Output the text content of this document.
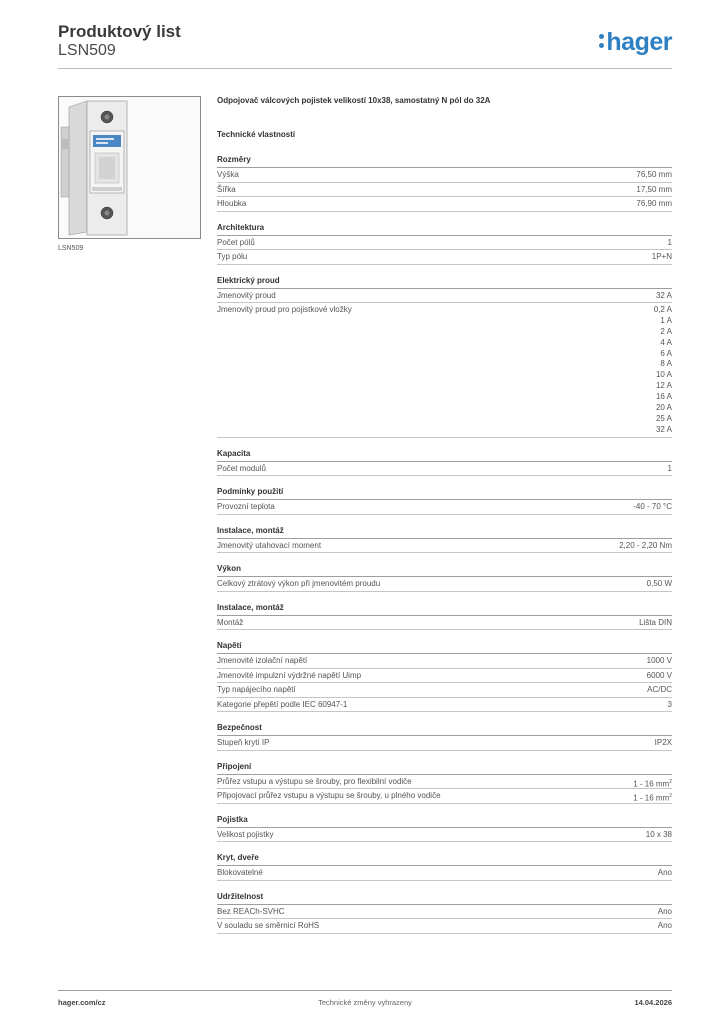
Produktový list
LSN509	hager
LSN509
Odpojovač válcových pojistek velikostí 10x38, samostatný N pól do 32A
Technické vlastnosti
Rozměry
Výška	76,50 mm
Šířka	17,50 mm
Hloubka	76,90 mm
Architektura
Počet pólů	1
Typ pólu	1P+N
Elektrický proud
Jmenovitý proud	32 A
Jmenovitý proud pro pojistkové vložky	0,2 A
1 A
2 A
4 A
6 A
8 A
10 A
12 A
16 A
20 A
25 A
32 A
Kapacita
Počet modulů	1
Podmínky použití
Provozní teplota	-40 - 70 °C
Instalace, montáž
Jmenovitý utahovací moment	2,20 - 2,20 Nm
Výkon
Celkový ztrátový výkon při jmenovitém proudu	0,50 W
Instalace, montáž
Montáž	Lišta DIN
Napětí
Jmenovité izolační napětí	1000 V
Jmenovité impulzní výdržné napětí Uimp	6000 V
Typ napájecího napětí	AC/DC
Kategorie přepětí podle IEC 60947-1	3
Bezpečnost
Stupeň krytí IP	IP2X
Připojení
Průřez vstupu a výstupu se šrouby, pro flexibilní vodiče	1 - 16 $mm^2$
Připojovací průřez vstupu a výstupu se šrouby, u plného vodiče	1 - 16 $mm^2$
Pojistka
Velikost pojistky	10 x 38
Kryt, dveře
Blokovatelné	Ano
Udržitelnost
Bez REACh-SVHC	Ano
V souladu se směrnicí RoHS	Ano
hager.com/cz	Technické změny vyhrazeny	14.04.2026
